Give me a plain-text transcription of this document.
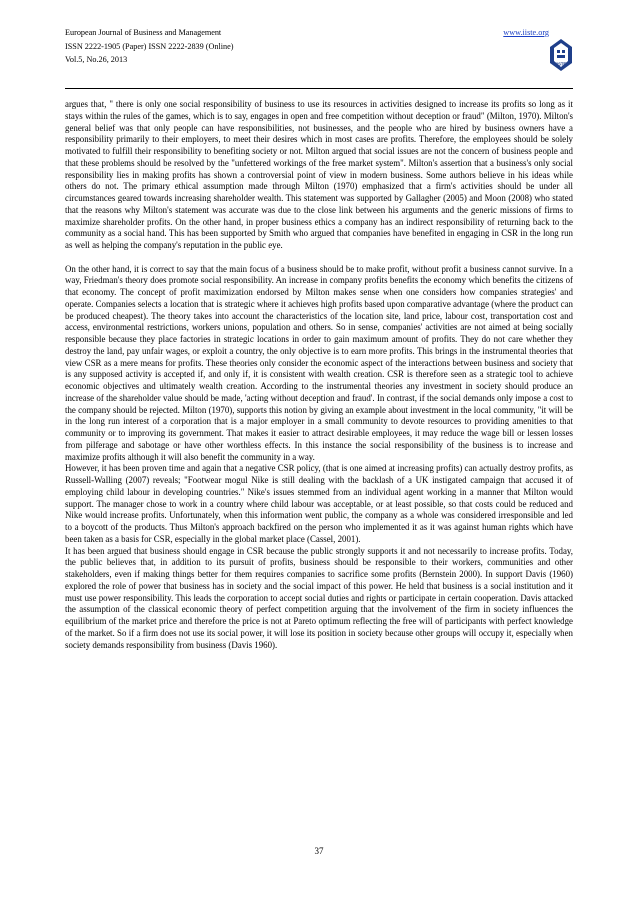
European Journal of Business and Management
ISSN 2222-1905 (Paper) ISSN 2222-2839 (Online)
Vol.5, No.26, 2013
www.iiste.org
IISTE

argues that, " there is only one social responsibility of business to use its resources in activities designed to increase its profits so long as it stays within the rules of the games, which is to say, engages in open and free competition without deception or fraud" (Milton, 1970). Milton's general belief was that only people can have responsibilities, not businesses, and the people who are hired by business owners have a responsibility primarily to their employers, to meet their desires which in most cases are profits. Therefore, the employees should be solely motivated to fulfill their responsibility to benefiting society or not. Milton argued that social issues are not the concern of business people and that these problems should be resolved by the "unfettered workings of the free market system". Milton's assertion that a business's only social responsibility lies in making profits has shown a controversial point of view in modern business. Some authors believe in his ideas while others do not. The primary ethical assumption made through Milton (1970) emphasized that a firm's activities should be under all circumstances geared towards increasing shareholder wealth. This statement was supported by Gallagher (2005) and Moon (2008) who stated that the reasons why Milton's statement was accurate was due to the close link between his arguments and the generic missions of firms to maximize shareholder profits. On the other hand, in proper business ethics a company has an indirect responsibility of returning back to the community as a social hand. This has been supported by Smith who argued that companies have benefited in engaging in CSR in the long run as well as helping the company's reputation in the public eye.

On the other hand, it is correct to say that the main focus of a business should be to make profit, without profit a business cannot survive. In a way, Friedman's theory does promote social responsibility. An increase in company profits benefits the economy which benefits the citizens of that economy. The concept of profit maximization endorsed by Milton makes sense when one considers how companies strategies' and operate. Companies selects a location that is strategic where it achieves high profits based upon comparative advantage (where the product can be produced cheapest). The theory takes into account the characteristics of the location site, land price, labour cost, transportation cost and access, environmental restrictions, workers unions, population and others. So in sense, companies' activities are not aimed at being socially responsible because they place factories in strategic locations in order to gain maximum amount of profits. They do not care whether they destroy the land, pay unfair wages, or exploit a country, the only objective is to earn more profits. This brings in the instrumental theories that view CSR as a mere means for profits. These theories only consider the economic aspect of the interactions between business and society that is any supposed activity is accepted if, and only if, it is consistent with wealth creation. CSR is therefore seen as a strategic tool to achieve economic objectives and ultimately wealth creation. According to the instrumental theories any investment in society should produce an increase of the shareholder value should be made, 'acting without deception and fraud'. In contrast, if the social demands only impose a cost to the company should be rejected. Milton (1970), supports this notion by giving an example about investment in the local community, "it will be in the long run interest of a corporation that is a major employer in a small community to devote resources to providing amenities to that community or to improving its government. That makes it easier to attract desirable employees, it may reduce the wage bill or lessen losses from pilferage and sabotage or have other worthless effects. In this instance the social responsibility of the business is to increase and maximize profits although it will also benefit the community in a way.

However, it has been proven time and again that a negative CSR policy, (that is one aimed at increasing profits) can actually destroy profits, as Russell-Walling (2007) reveals; "Footwear mogul Nike is still dealing with the backlash of a UK instigated campaign that accused it of employing child labour in developing countries." Nike's issues stemmed from an individual agent working in a manner that Milton would support. The manager chose to work in a country where child labour was acceptable, or at least possible, so that costs could be reduced and Nike would increase profits. Unfortunately, when this information went public, the company as a whole was considered irresponsible and led to a boycott of the products. Thus Milton's approach backfired on the person who implemented it as it was against human rights which have been taken as a basis for CSR, especially in the global market place (Cassel, 2001).

It has been argued that business should engage in CSR because the public strongly supports it and not necessarily to increase profits. Today, the public believes that, in addition to its pursuit of profits, business should be responsible to their workers, communities and other stakeholders, even if making things better for them requires companies to sacrifice some profits (Bernstein 2000). In support Davis (1960) explored the role of power that business has in society and the social impact of this power. He held that business is a social institution and it must use power responsibility. This leads the corporation to accept social duties and rights or participate in certain cooperation. Davis attacked the assumption of the classical economic theory of perfect competition arguing that the involvement of the firm in society influences the equilibrium of the market price and therefore the price is not at Pareto optimum reflecting the free will of participants with perfect knowledge of the market. So if a firm does not use its social power, it will lose its position in society because other groups will occupy it, especially when society demands responsibility from business (Davis 1960).

37
